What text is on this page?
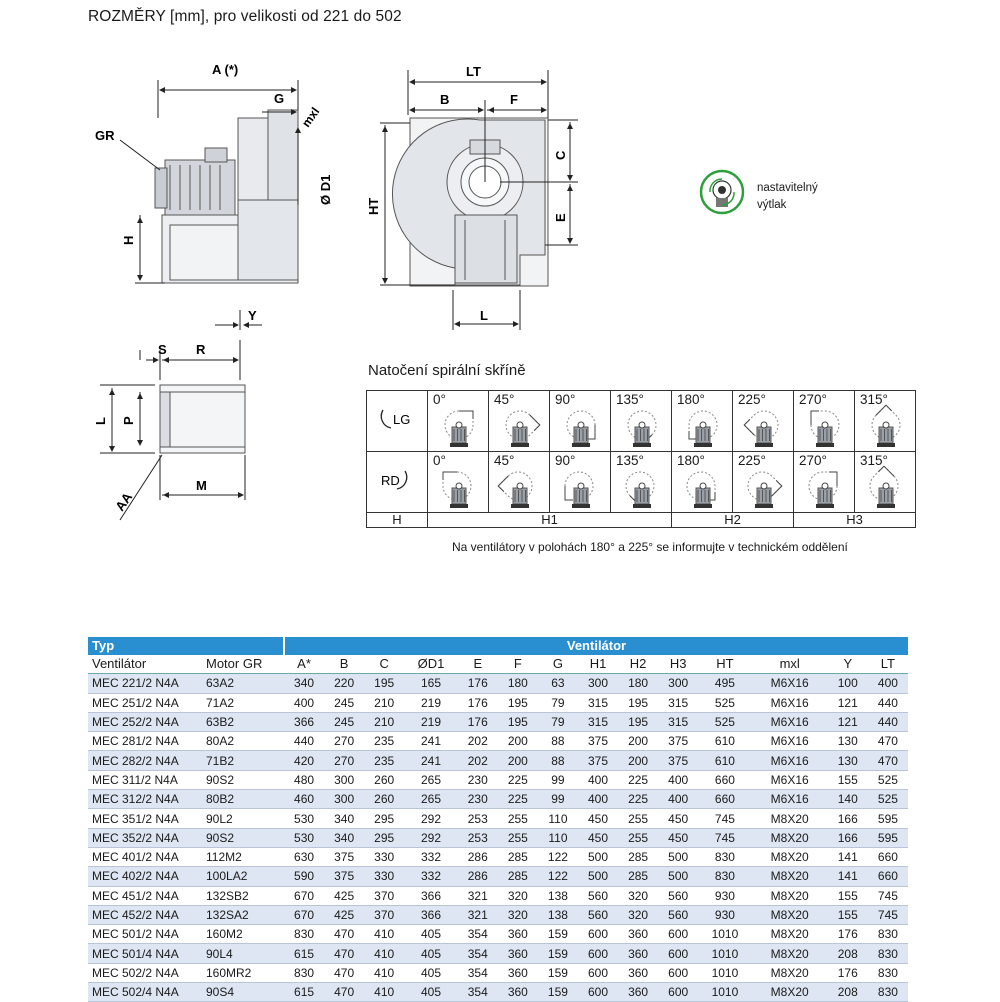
ROZMĚRY [mm], pro velikosti od 221 do 502
A (*)
G
mxl
Ø D1
GR
H
Y
LT
B	F
C
HT
E
L
S R
L P
M
AA
nastavitelný
výtlak
Natočení spirální skříně
LG	0°	45°	90°	135°	180°	225°	270°	315°

RD	0°	45°	90°	135°	180°	225°	270°	315°

H	H1				H2		H3	
Na ventilátory v polohách 180° a 225° se informujte v technickém oddělení
Typ		Ventilátor													
Ventilátor	Motor GR	A*	B	C	ØD1	E	F	G	H1	H2	H3	HT	mxl	Y	LT
MEC 221/2 N4A	63A2	340	220	195	165	176	180	63	300	180	300	495	M6X16	100	400
MEC 251/2 N4A	71A2	400	245	210	219	176	195	79	315	195	315	525	M6X16	121	440
MEC 252/2 N4A	63B2	366	245	210	219	176	195	79	315	195	315	525	M6X16	121	440
MEC 281/2 N4A	80A2	440	270	235	241	202	200	88	375	200	375	610	M6X16	130	470
MEC 282/2 N4A	71B2	420	270	235	241	202	200	88	375	200	375	610	M6X16	130	470
MEC 311/2 N4A	90S2	480	300	260	265	230	225	99	400	225	400	660	M6X16	155	525
MEC 312/2 N4A	80B2	460	300	260	265	230	225	99	400	225	400	660	M6X16	140	525
MEC 351/2 N4A	90L2	530	340	295	292	253	255	110	450	255	450	745	M8X20	166	595
MEC 352/2 N4A	90S2	530	340	295	292	253	255	110	450	255	450	745	M8X20	166	595
MEC 401/2 N4A	112M2	630	375	330	332	286	285	122	500	285	500	830	M8X20	141	660
MEC 402/2 N4A	100LA2	590	375	330	332	286	285	122	500	285	500	830	M8X20	141	660
MEC 451/2 N4A	132SB2	670	425	370	366	321	320	138	560	320	560	930	M8X20	155	745
MEC 452/2 N4A	132SA2	670	425	370	366	321	320	138	560	320	560	930	M8X20	155	745
MEC 501/2 N4A	160M2	830	470	410	405	354	360	159	600	360	600	1010	M8X20	176	830
MEC 501/4 N4A	90L4	615	470	410	405	354	360	159	600	360	600	1010	M8X20	208	830
MEC 502/2 N4A	160MR2	830	470	410	405	354	360	159	600	360	600	1010	M8X20	176	830
MEC 502/4 N4A	90S4	615	470	410	405	354	360	159	600	360	600	1010	M8X20	208	830
